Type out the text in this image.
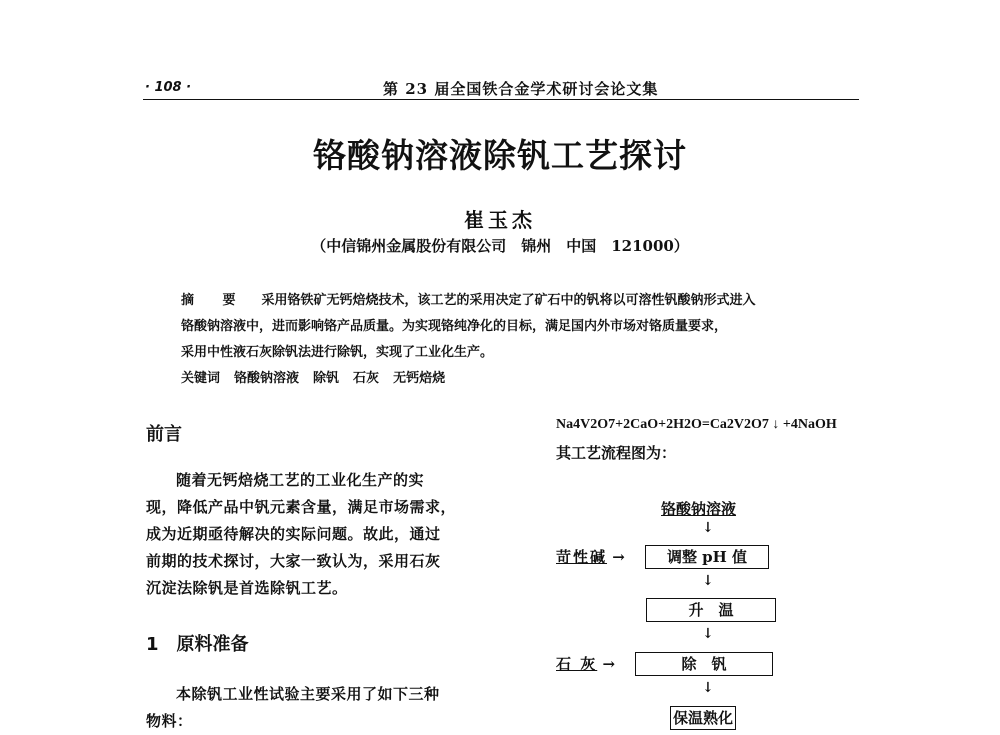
· 108 ·	第 23 届全国铁合金学术研讨会论文集
铬酸钠溶液除钒工艺探讨
崔玉杰
（中信锦州金属股份有限公司　锦州　中国　121000）
摘 要 采用铬铁矿无钙焙烧技术，该工艺的采用决定了矿石中的钒将以可溶性钒酸钠形式进入
铬酸钠溶液中，进而影响铬产品质量。为实现铬纯净化的目标，满足国内外市场对铬质量要求，
采用中性液石灰除钒法进行除钒，实现了工业化生产。
关键词 铬酸钠溶液 除钒 石灰 无钙焙烧
前言
随着无钙焙烧工艺的工业化生产的实
现，降低产品中钒元素含量，满足市场需求，
成为近期亟待解决的实际问题。故此，通过
前期的技术探讨，大家一致认为，采用石灰
沉淀法除钒是首选除钒工艺。
1　原料准备
本除钒工业性试验主要采用了如下三种
物料：
Na4V2O7+2CaO+2H2O=Ca2V2O7 ↓ +4NaOH
其工艺流程图为：
铬酸钠溶液
↓
苛性碱 →	调整 pH 值
↓
升　温
↓
石 灰 →	除　钒
↓
保温熟化
